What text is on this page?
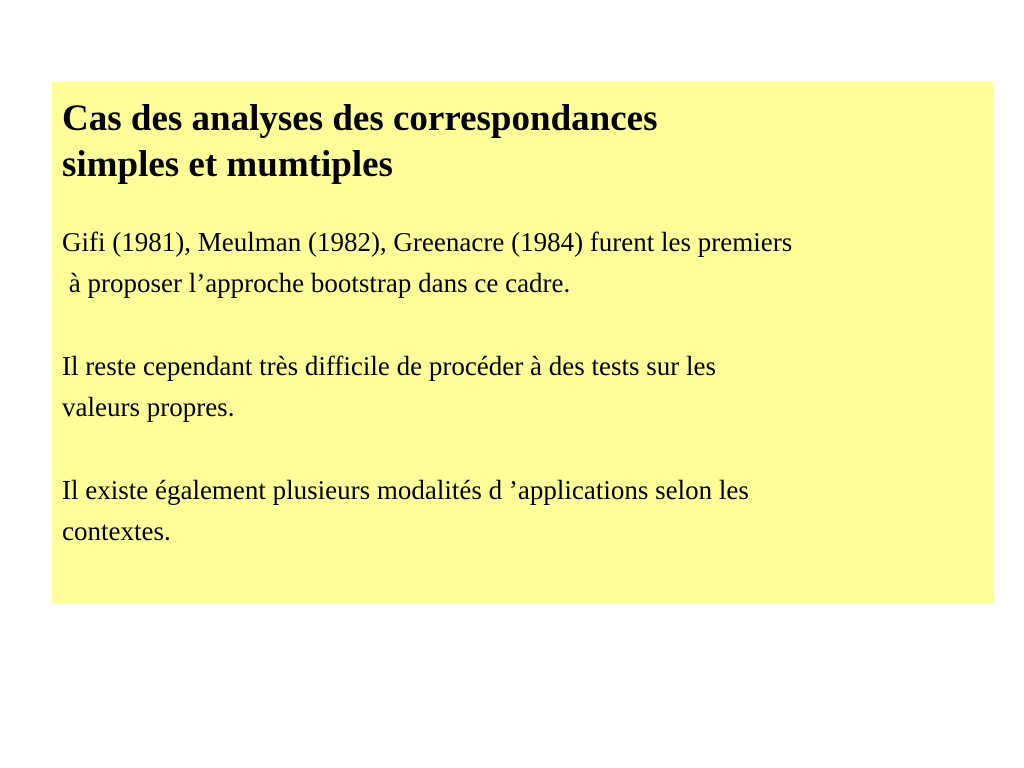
Cas des analyses des correspondances
simples et mumtiples

Gifi (1981), Meulman (1982), Greenacre (1984) furent les premiers
à proposer l’approche bootstrap dans ce cadre.

Il reste cependant très difficile de procéder à des tests sur les
valeurs propres.

Il existe également plusieurs modalités d ’applications selon les
contextes.
